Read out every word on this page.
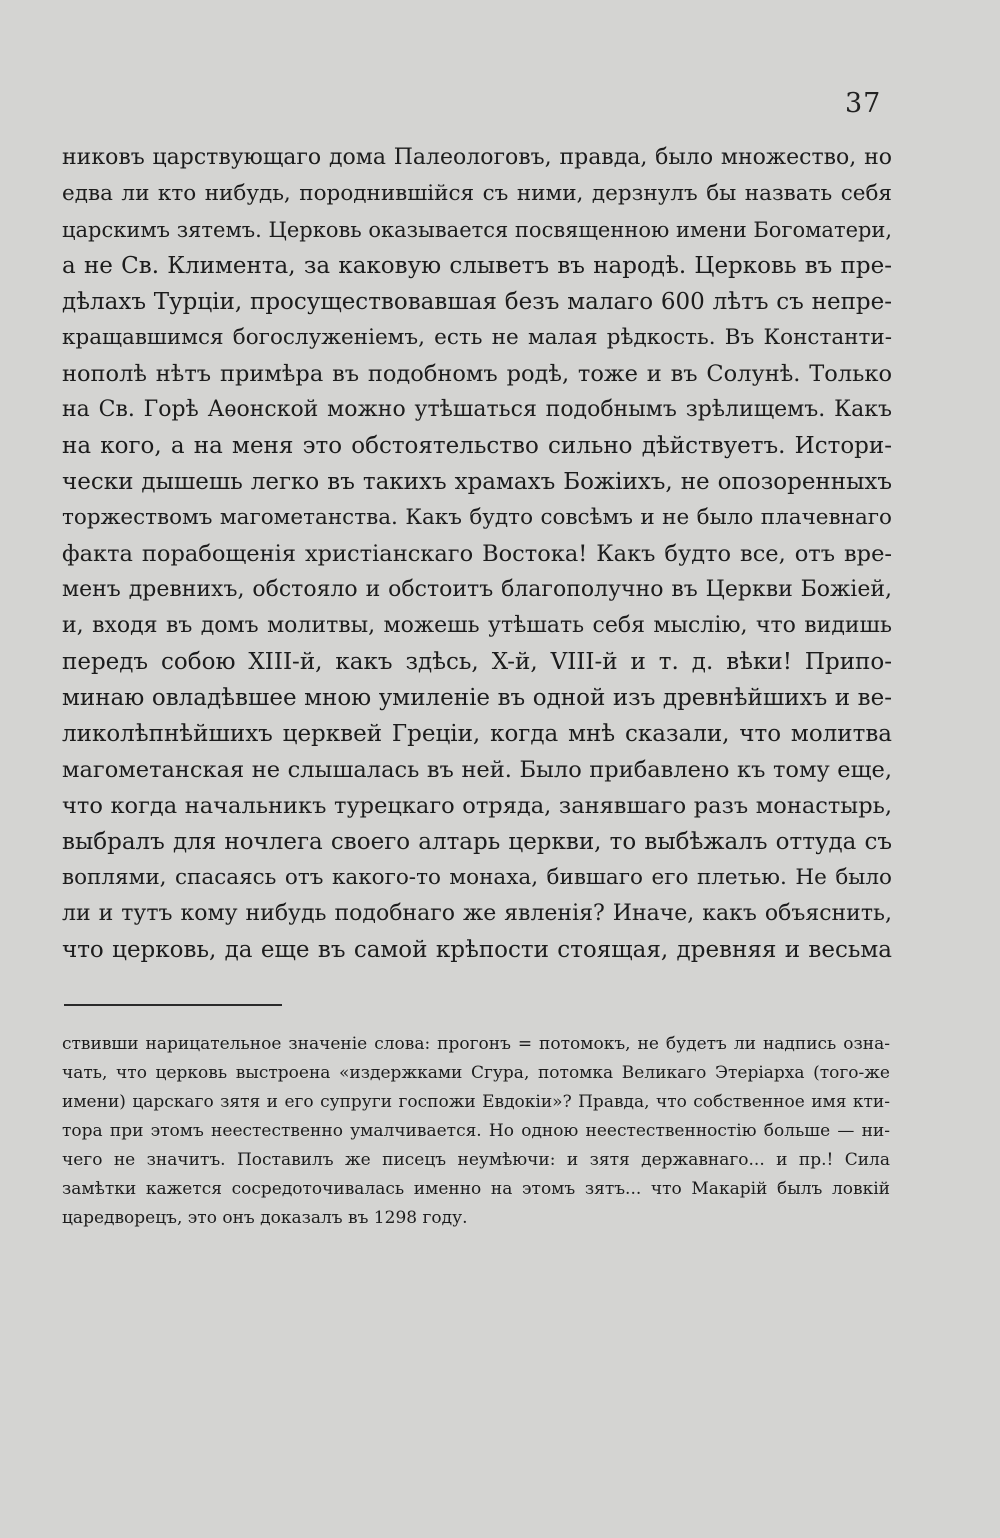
37
никовъ царствующаго дома Палеологовъ, правда, было множество, но
едва ли кто нибудь, породнившійся съ ними, дерзнулъ бы назвать себя
царскимъ зятемъ. Церковь оказывается посвященною имени Богоматери,
а не Св. Климента, за каковую слыветъ въ народѣ. Церковь въ пре-
дѣлахъ Турціи, просуществовавшая безъ малаго 600 лѣтъ съ непре-
кращавшимся богослуженіемъ, есть не малая рѣдкость. Въ Константи-
нополѣ нѣтъ примѣра въ подобномъ родѣ, тоже и въ Солунѣ. Только
на Св. Горѣ Аѳонской можно утѣшаться подобнымъ зрѣлищемъ. Какъ
на кого, а на меня это обстоятельство сильно дѣйствуетъ. Истори-
чески дышешь легко въ такихъ храмахъ Божіихъ, не опозоренныхъ
торжествомъ магометанства. Какъ будто совсѣмъ и не было плачевнаго
факта порабощенія христіанскаго Востока! Какъ будто все, отъ вре-
менъ древнихъ, обстояло и обстоитъ благополучно въ Церкви Божіей,
и, входя въ домъ молитвы, можешь утѣшать себя мыслію, что видишь
передъ собою XIII-й, какъ здѣсь, X-й, VIII-й и т. д. вѣки! Припо-
минаю овладѣвшее мною умиленіе въ одной изъ древнѣйшихъ и ве-
ликолѣпнѣйшихъ церквей Греціи, когда мнѣ сказали, что молитва
магометанская не слышалась въ ней. Было прибавлено къ тому еще,
что когда начальникъ турецкаго отряда, занявшаго разъ монастырь,
выбралъ для ночлега своего алтарь церкви, то выбѣжалъ оттуда съ
воплями, спасаясь отъ какого-то монаха, бившаго его плетью. Не было
ли и тутъ кому нибудь подобнаго же явленія? Иначе, какъ объяснить,
что церковь, да еще въ самой крѣпости стоящая, древняя и весьма
ствивши нарицательное значеніе слова: прогонъ = потомокъ, не будетъ ли надпись озна-
чать, что церковь выстроена «издержками Сгура, потомка Великаго Этеріарха (того-же
имени) царскаго зятя и его супруги госпожи Евдокіи»? Правда, что собственное имя кти-
тора при этомъ неестественно умалчивается. Но одною неестественностію больше — ни-
чего не значитъ. Поставилъ же писецъ неумѣючи: и зятя державнаго... и пр.! Сила
замѣтки кажется сосредоточивалась именно на этомъ зятъ... что Макарій былъ ловкій
царедворецъ, это онъ доказалъ въ 1298 году.
